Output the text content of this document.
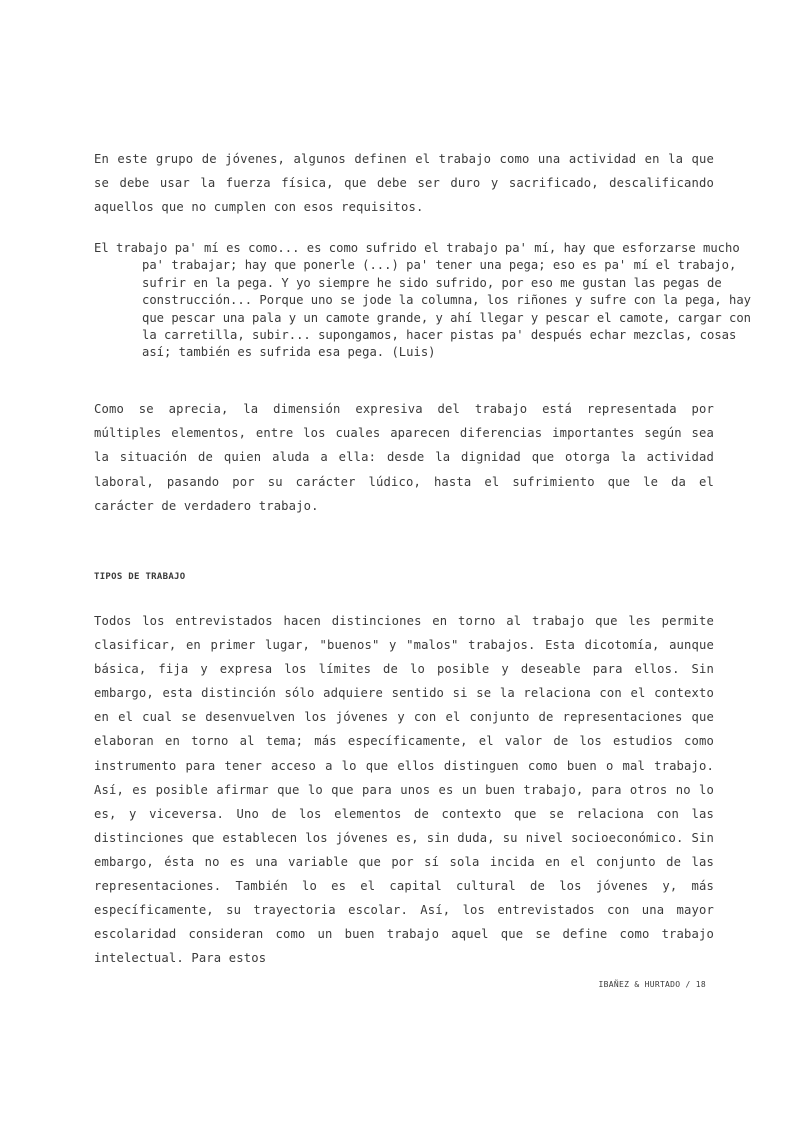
En este grupo de jóvenes, algunos definen el trabajo como una actividad en la que se debe usar la fuerza física, que debe ser duro y sacrificado, descalificando aquellos que no cumplen con esos requisitos.

El trabajo pa' mí es como... es como sufrido el trabajo pa' mí, hay que esforzarse mucho pa' trabajar; hay que ponerle (...) pa' tener una pega; eso es pa' mí el trabajo, sufrir en la pega. Y yo siempre he sido sufrido, por eso me gustan las pegas de construcción... Porque uno se jode la columna, los riñones y sufre con la pega, hay que pescar una pala y un camote grande, y ahí llegar y pescar el camote, cargar con la carretilla, subir... supongamos, hacer pistas pa' después echar mezclas, cosas así; también es sufrida esa pega. (Luis)

Como se aprecia, la dimensión expresiva del trabajo está representada por múltiples elementos, entre los cuales aparecen diferencias importantes según sea la situación de quien aluda a ella: desde la dignidad que otorga la actividad laboral, pasando por su carácter lúdico, hasta el sufrimiento que le da el carácter de verdadero trabajo.

TIPOS DE TRABAJO

Todos los entrevistados hacen distinciones en torno al trabajo que les permite clasificar, en primer lugar, "buenos" y "malos" trabajos. Esta dicotomía, aunque básica, fija y expresa los límites de lo posible y deseable para ellos. Sin embargo, esta distinción sólo adquiere sentido si se la relaciona con el contexto en el cual se desenvuelven los jóvenes y con el conjunto de representaciones que elaboran en torno al tema; más específicamente, el valor de los estudios como instrumento para tener acceso a lo que ellos distinguen como buen o mal trabajo. Así, es posible afirmar que lo que para unos es un buen trabajo, para otros no lo es, y viceversa. Uno de los elementos de contexto que se relaciona con las distinciones que establecen los jóvenes es, sin duda, su nivel socioeconómico. Sin embargo, ésta no es una variable que por sí sola incida en el conjunto de las representaciones. También lo es el capital cultural de los jóvenes y, más específicamente, su trayectoria escolar. Así, los entrevistados con una mayor escolaridad consideran como un buen trabajo aquel que se define como trabajo intelectual. Para estos

IBAÑEZ & HURTADO / 18
